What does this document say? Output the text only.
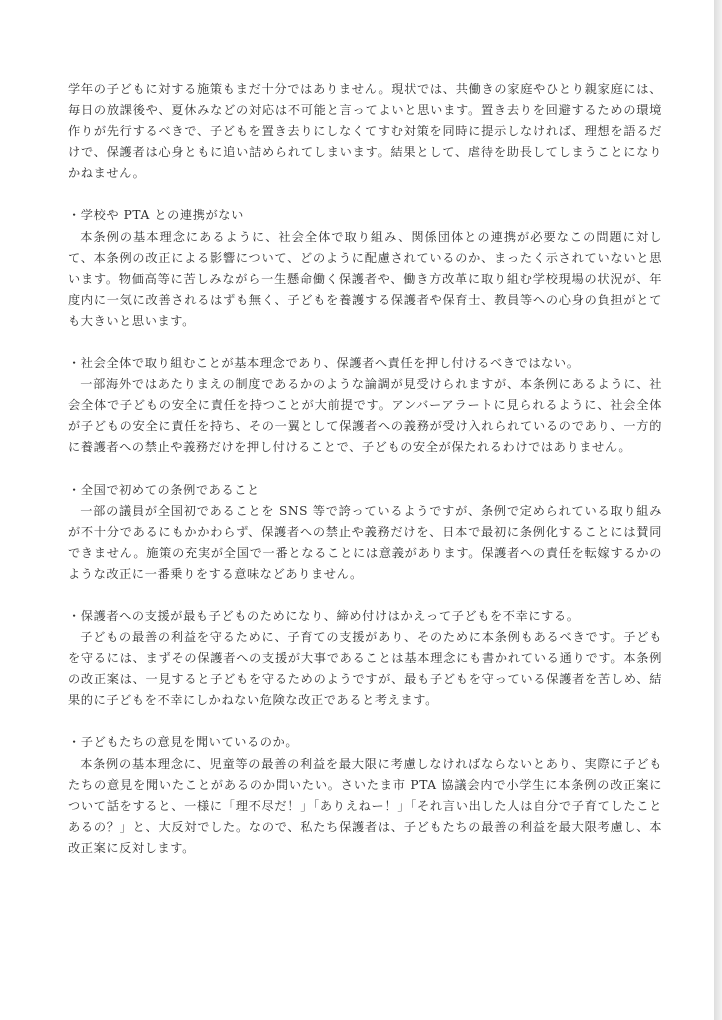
学年の子どもに対する施策もまだ十分ではありません。現状では、共働きの家庭やひとり親家庭には、毎日の放課後や、夏休みなどの対応は不可能と言ってよいと思います。置き去りを回避するための環境作りが先行するべきで、子どもを置き去りにしなくてすむ対策を同時に提示しなければ、理想を語るだけで、保護者は心身ともに追い詰められてしまいます。結果として、虐待を助長してしまうことになりかねません。

・学校や PTA との連携がない

本条例の基本理念にあるように、社会全体で取り組み、関係団体との連携が必要なこの問題に対して、本条例の改正による影響について、どのように配慮されているのか、まったく示されていないと思います。物価高等に苦しみながら一生懸命働く保護者や、働き方改革に取り組む学校現場の状況が、年度内に一気に改善されるはずも無く、子どもを養護する保護者や保育士、教員等への心身の負担がとても大きいと思います。

・社会全体で取り組むことが基本理念であり、保護者へ責任を押し付けるべきではない。

一部海外ではあたりまえの制度であるかのような論調が見受けられますが、本条例にあるように、社会全体で子どもの安全に責任を持つことが大前提です。アンバーアラートに見られるように、社会全体が子どもの安全に責任を持ち、その一翼として保護者への義務が受け入れられているのであり、一方的に養護者への禁止や義務だけを押し付けることで、子どもの安全が保たれるわけではありません。

・全国で初めての条例であること

一部の議員が全国初であることを SNS 等で誇っているようですが、条例で定められている取り組みが不十分であるにもかかわらず、保護者への禁止や義務だけを、日本で最初に条例化することには賛同できません。施策の充実が全国で一番となることには意義があります。保護者への責任を転嫁するかのような改正に一番乗りをする意味などありません。

・保護者への支援が最も子どものためになり、締め付けはかえって子どもを不幸にする。

子どもの最善の利益を守るために、子育ての支援があり、そのために本条例もあるべきです。子どもを守るには、まずその保護者への支援が大事であることは基本理念にも書かれている通りです。本条例の改正案は、一見すると子どもを守るためのようですが、最も子どもを守っている保護者を苦しめ、結果的に子どもを不幸にしかねない危険な改正であると考えます。

・子どもたちの意見を聞いているのか。

本条例の基本理念に、児童等の最善の利益を最大限に考慮しなければならないとあり、実際に子どもたちの意見を聞いたことがあるのか問いたい。さいたま市 PTA 協議会内で小学生に本条例の改正案について話をすると、一様に「理不尽だ！」「ありえねー！」「それ言い出した人は自分で子育てしたことあるの？」と、大反対でした。なので、私たち保護者は、子どもたちの最善の利益を最大限考慮し、本改正案に反対します。
